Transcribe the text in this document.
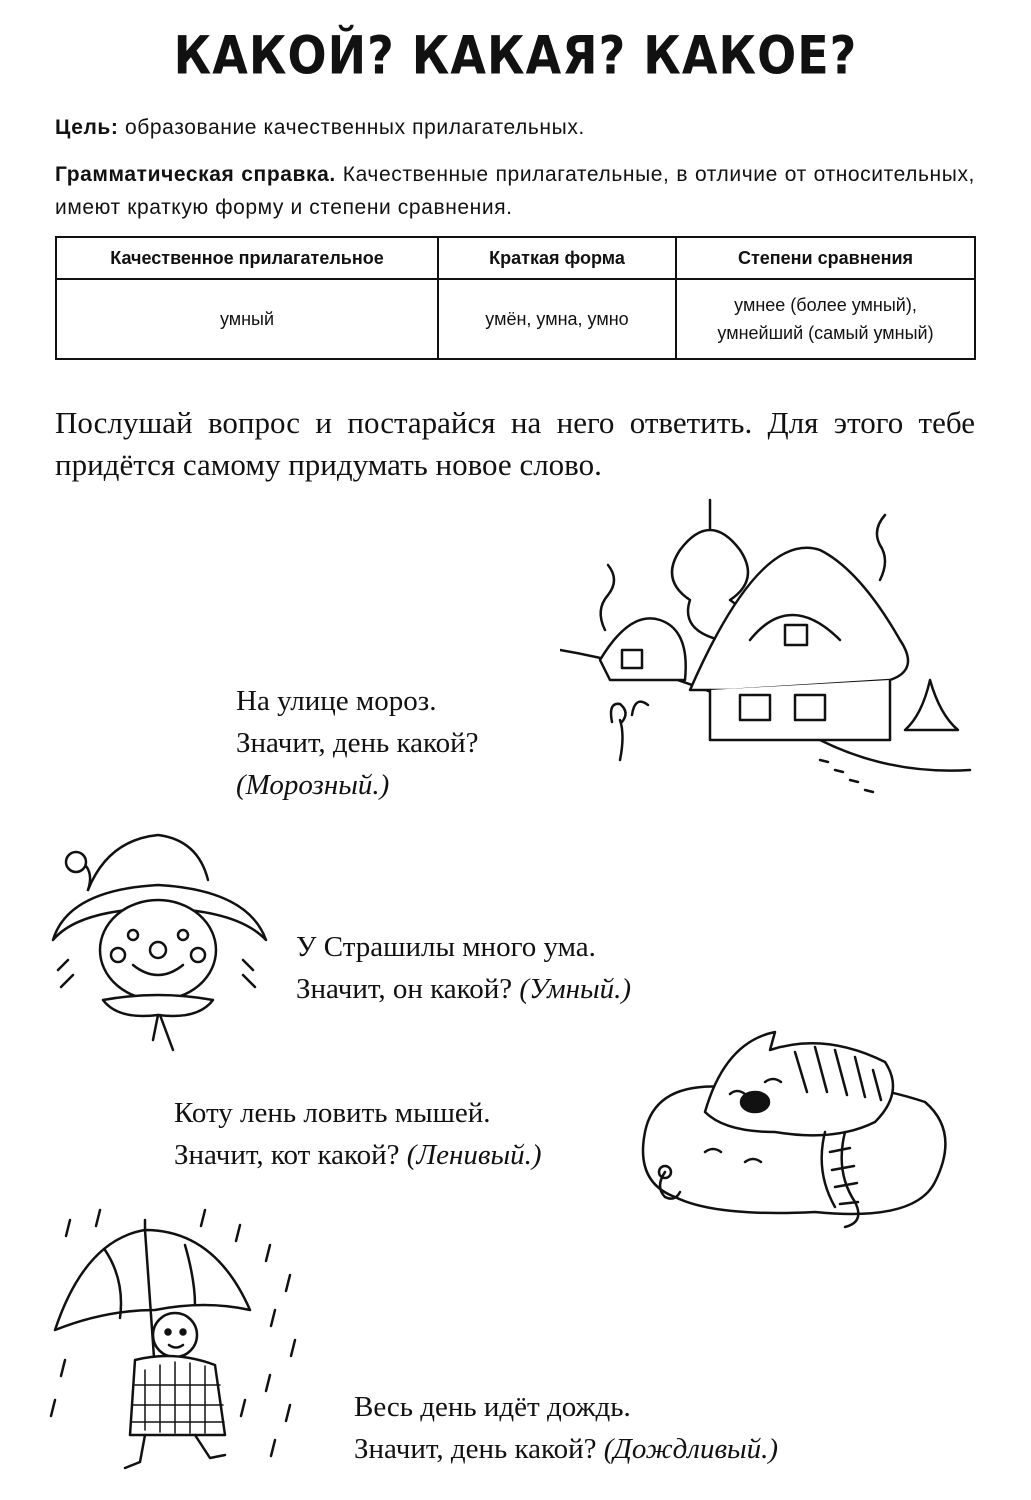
КАКОЙ? КАКАЯ? КАКОЕ?
Цель: образование качественных прилагательных.
Грамматическая справка. Качественные прилагательные, в отличие от относительных, имеют краткую форму и степени сравнения.
Качественное прилагательное	Краткая форма	Степени сравнения
умный	умён, умна, умно	умнее (более умный),
умнейший (самый умный)
Послушай вопрос и постарайся на него ответить. Для этого тебе придётся самому придумать новое слово.
На улице мороз.
Значит, день какой?
(Морозный.)
У Страшилы много ума.
Значит, он какой? (Умный.)
Коту лень ловить мышей.
Значит, кот какой? (Ленивый.)
Весь день идёт дождь.
Значит, день какой? (Дождливый.)
